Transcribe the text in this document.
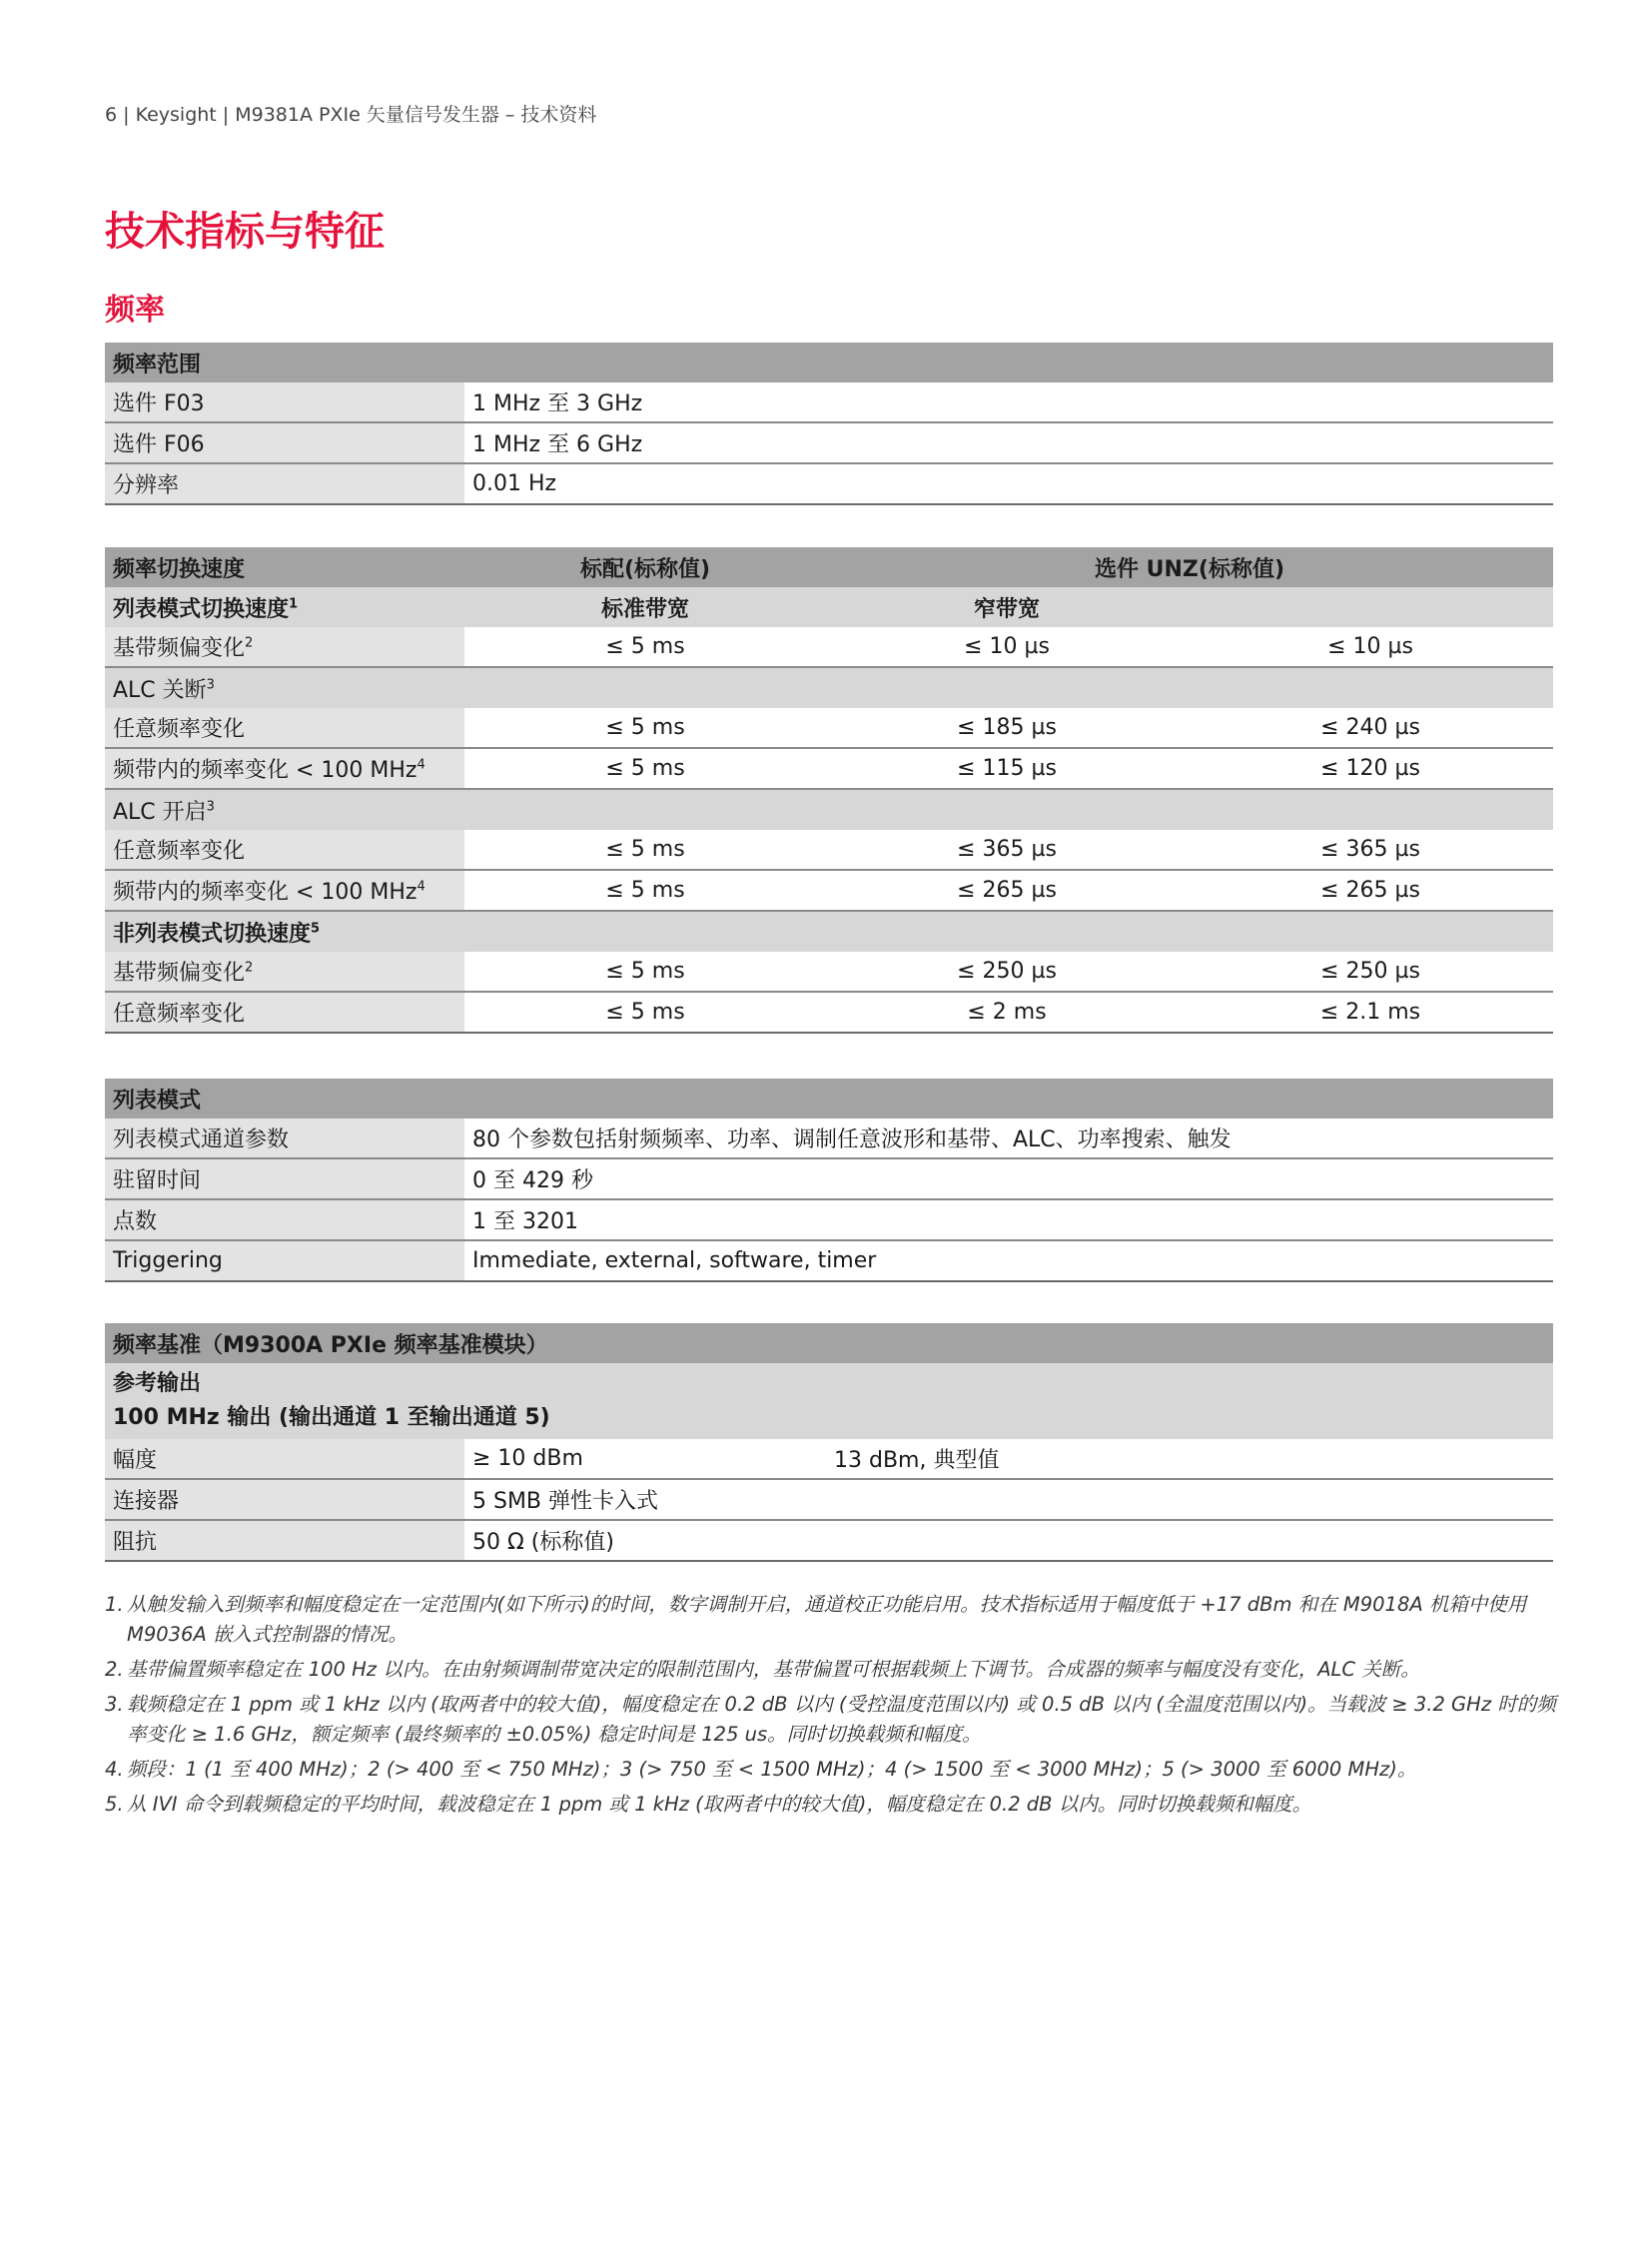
6 | Keysight | M9381A PXIe 矢量信号发生器 – 技术资料
技术指标与特征
频率
频率范围	
选件 F03	1 MHz 至 3 GHz
选件 F06	1 MHz 至 6 GHz
分辨率	0.01 Hz
频率切换速度	标配(标称值)	选件 UNZ(标称值)	
列表模式切换速度$^1$	标准带宽	窄带宽	
基带频偏变化$^2$	≤ 5 ms	≤ 10 µs	≤ 10 µs
ALC 关断$^3$			
任意频率变化	≤ 5 ms	≤ 185 µs	≤ 240 µs
频带内的频率变化 < 100 MHz$^4$	≤ 5 ms	≤ 115 µs	≤ 120 µs
ALC 开启$^3$			
任意频率变化	≤ 5 ms	≤ 365 µs	≤ 365 µs
频带内的频率变化 < 100 MHz$^4$	≤ 5 ms	≤ 265 µs	≤ 265 µs
非列表模式切换速度$^5$			
基带频偏变化$^2$	≤ 5 ms	≤ 250 µs	≤ 250 µs
任意频率变化	≤ 5 ms	≤ 2 ms	≤ 2.1 ms
列表模式	
列表模式通道参数	80 个参数包括射频频率、功率、调制任意波形和基带、ALC、功率搜索、触发
驻留时间	0 至 429 秒
点数	1 至 3201
Triggering	Immediate, external, software, timer
频率基准（M9300A PXIe 频率基准模块）		

参考输出
100 MHz 输出 (输出通道 1 至输出通道 5)		

幅度	≥ 10 dBm	13 dBm, 典型值
连接器	5 SMB 弹性卡入式	
阻抗	50 Ω (标称值)	
1. 从触发输入到频率和幅度稳定在一定范围内(如下所示)的时间，数字调制开启，通道校正功能启用。技术指标适用于幅度低于 +17 dBm 和在 M9018A 机箱中使用 M9036A 嵌入式控制器的情况。
2. 基带偏置频率稳定在 100 Hz 以内。在由射频调制带宽决定的限制范围内，基带偏置可根据载频上下调节。合成器的频率与幅度没有变化，ALC 关断。
3. 载频稳定在 1 ppm 或 1 kHz 以内 (取两者中的较大值)，幅度稳定在 0.2 dB 以内 (受控温度范围以内) 或 0.5 dB 以内 (全温度范围以内)。当载波 ≥ 3.2 GHz 时的频率变化 ≥ 1.6 GHz，额定频率 (最终频率的 ±0.05%) 稳定时间是 125 us。同时切换载频和幅度。
4. 频段：1 (1 至 400 MHz)；2 (> 400 至 < 750 MHz)；3 (> 750 至 < 1500 MHz)；4 (> 1500 至 < 3000 MHz)；5 (> 3000 至 6000 MHz)。
5. 从 IVI 命令到载频稳定的平均时间，载波稳定在 1 ppm 或 1 kHz (取两者中的较大值)，幅度稳定在 0.2 dB 以内。同时切换载频和幅度。
